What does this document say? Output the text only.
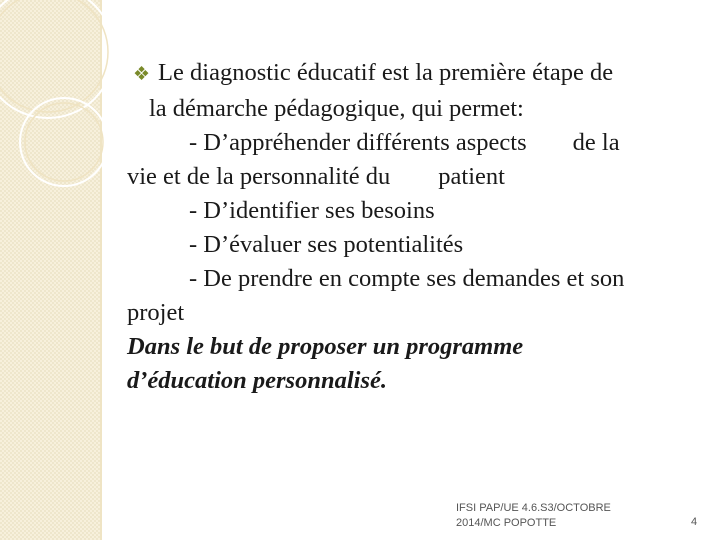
❖ Le diagnostic éducatif est la première étape de
la démarche pédagogique, qui permet:
- D’appréhender différents aspects de la
vie et de la personnalité du patient
- D’identifier ses besoins
- D’évaluer ses potentialités
- De prendre en compte ses demandes et son
projet
Dans le but de proposer un programme
d’éducation personnalisé.
IFSI PAP/UE 4.6.S3/OCTOBRE
2014/MC POPOTTE	4
